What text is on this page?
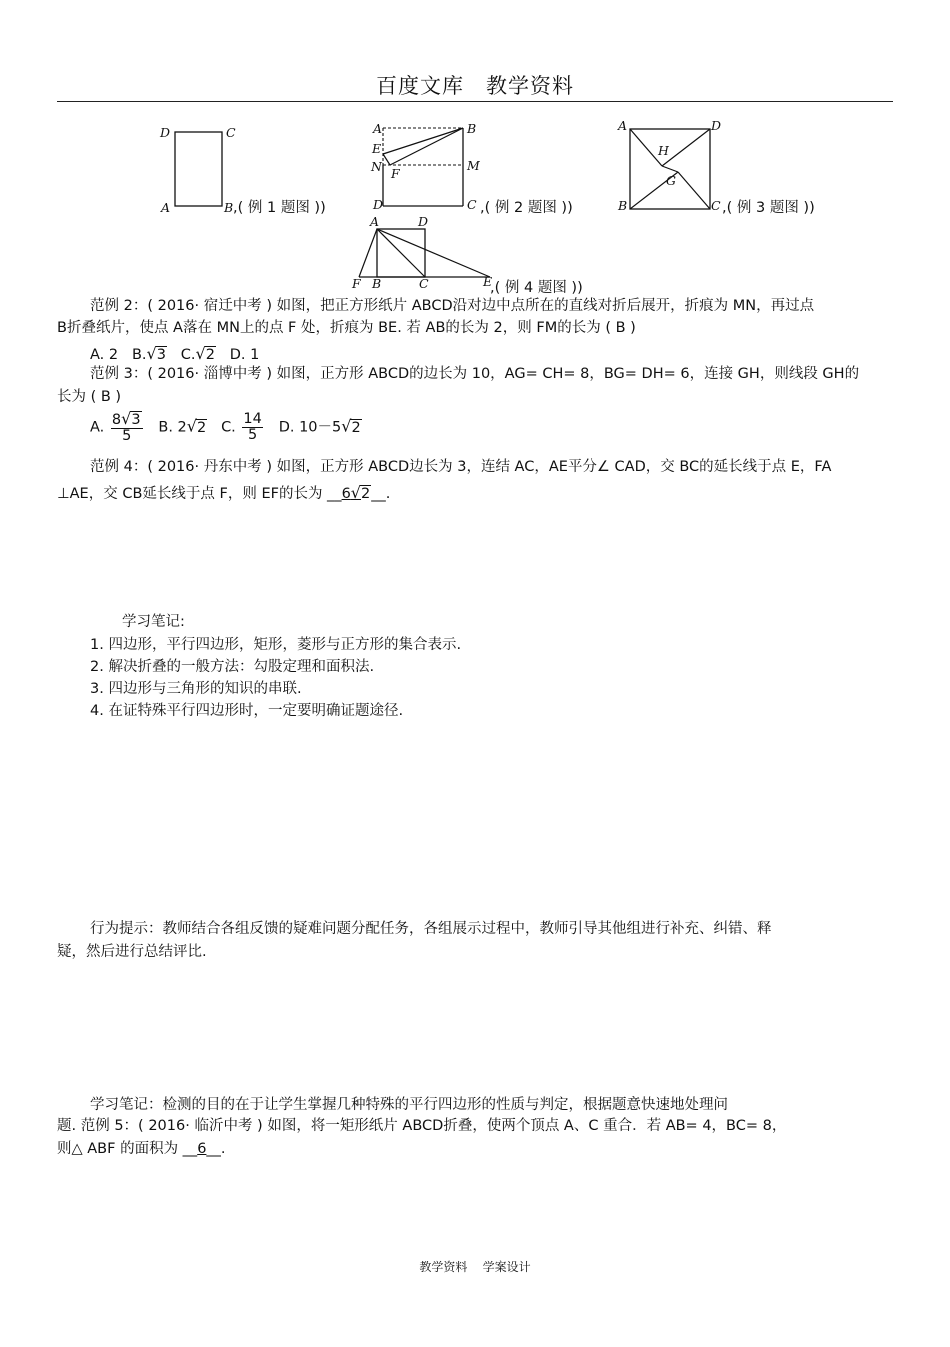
百度文库 教学资料
D	C
A	B ,( 例 1 题图 ))
A	B
E
N F
M
D	C ,( 例 2 题图 ))
A	D
H
G
B	C ,( 例 3 题图 ))
A	D
F B	C	E
,( 例 4 题图 ))
范例 2：( 2016· 宿迁中考 ) 如图，把正方形纸片 ABCD沿对边中点所在的直线对折后展开，折痕为 MN，再过点
B折叠纸片，使点 A落在 MN上的点 F 处，折痕为 BE. 若 AB的长为 2，则 FM的长为 ( B )
A. 2 B.√3 C.√2 D. 1
范例 3：( 2016· 淄博中考 ) 如图，正方形 ABCD的边长为 10，AG= CH= 8，BG= DH= 6，连接 GH，则线段 GH的
长为 ( B )
A. $\frac{8√3}{5} B$. 2√2 C. $\frac{14}{5} D$. 10－5√2
范例 4：( 2016· 丹东中考 ) 如图，正方形 ABCD边长为 3，连结 AC，AE平分∠ CAD，交 BC的延长线于点 E，FA
⊥AE，交 CB延长线于点 F，则 EF的长为 __6√2__.
学习笔记:
1. 四边形，平行四边形，矩形，菱形与正方形的集合表示.
2. 解决折叠的一般方法：勾股定理和面积法.
3. 四边形与三角形的知识的串联.
4. 在证特殊平行四边形时，一定要明确证题途径.
行为提示：教师结合各组反馈的疑难问题分配任务，各组展示过程中，教师引导其他组进行补充、纠错、释
疑，然后进行总结评比.
学习笔记：检测的目的在于让学生掌握几种特殊的平行四边形的性质与判定，根据题意快速地处理问
题. 范例 5：( 2016· 临沂中考 ) 如图，将一矩形纸片 ABCD折叠，使两个顶点 A、C 重合．若 AB= 4，BC= 8，
则△ ABF 的面积为 __6__.
教学资料 学案设计
